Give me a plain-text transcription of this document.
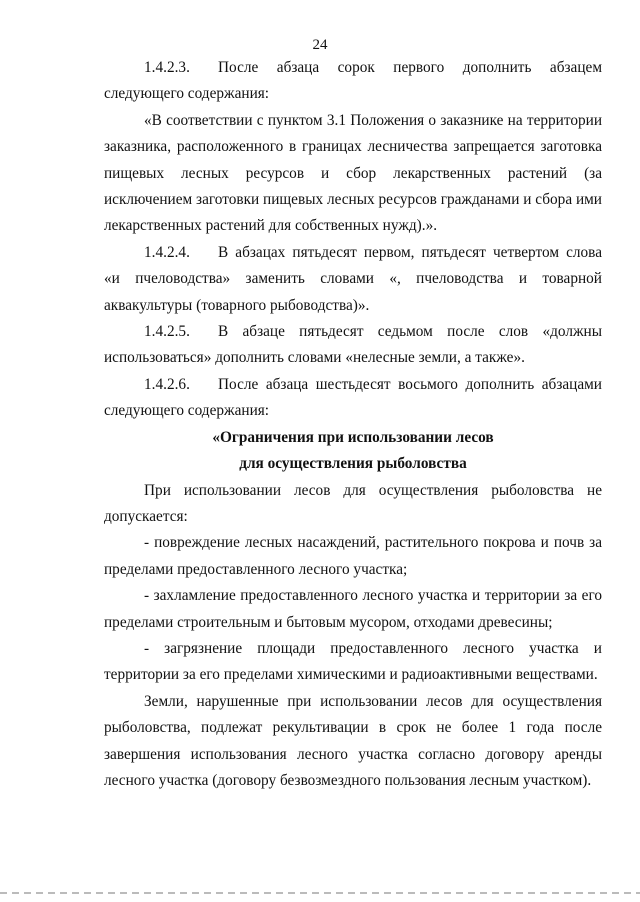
24

1.4.2.3. После абзаца сорок первого дополнить абзацем следующего содержания:

«В соответствии с пунктом 3.1 Положения о заказнике на территории заказника, расположенного в границах лесничества запрещается заготовка пищевых лесных ресурсов и сбор лекарственных растений (за исключением заготовки пищевых лесных ресурсов гражданами и сбора ими лекарственных растений для собственных нужд).».

1.4.2.4. В абзацах пятьдесят первом, пятьдесят четвертом слова «и пчеловодства» заменить словами «, пчеловодства и товарной аквакультуры (товарного рыбоводства)».

1.4.2.5. В абзаце пятьдесят седьмом после слов «должны использоваться» дополнить словами «нелесные земли, а также».

1.4.2.6. После абзаца шестьдесят восьмого дополнить абзацами следующего содержания:

«Ограничения при использовании лесов

для осуществления рыболовства

При использовании лесов для осуществления рыболовства не допускается:

- повреждение лесных насаждений, растительного покрова и почв за пределами предоставленного лесного участка;

- захламление предоставленного лесного участка и территории за его пределами строительным и бытовым мусором, отходами древесины;

- загрязнение площади предоставленного лесного участка и территории за его пределами химическими и радиоактивными веществами.

Земли, нарушенные при использовании лесов для осуществления рыболовства, подлежат рекультивации в срок не более 1 года после завершения использования лесного участка согласно договору аренды лесного участка (договору безвозмездного пользования лесным участком).
